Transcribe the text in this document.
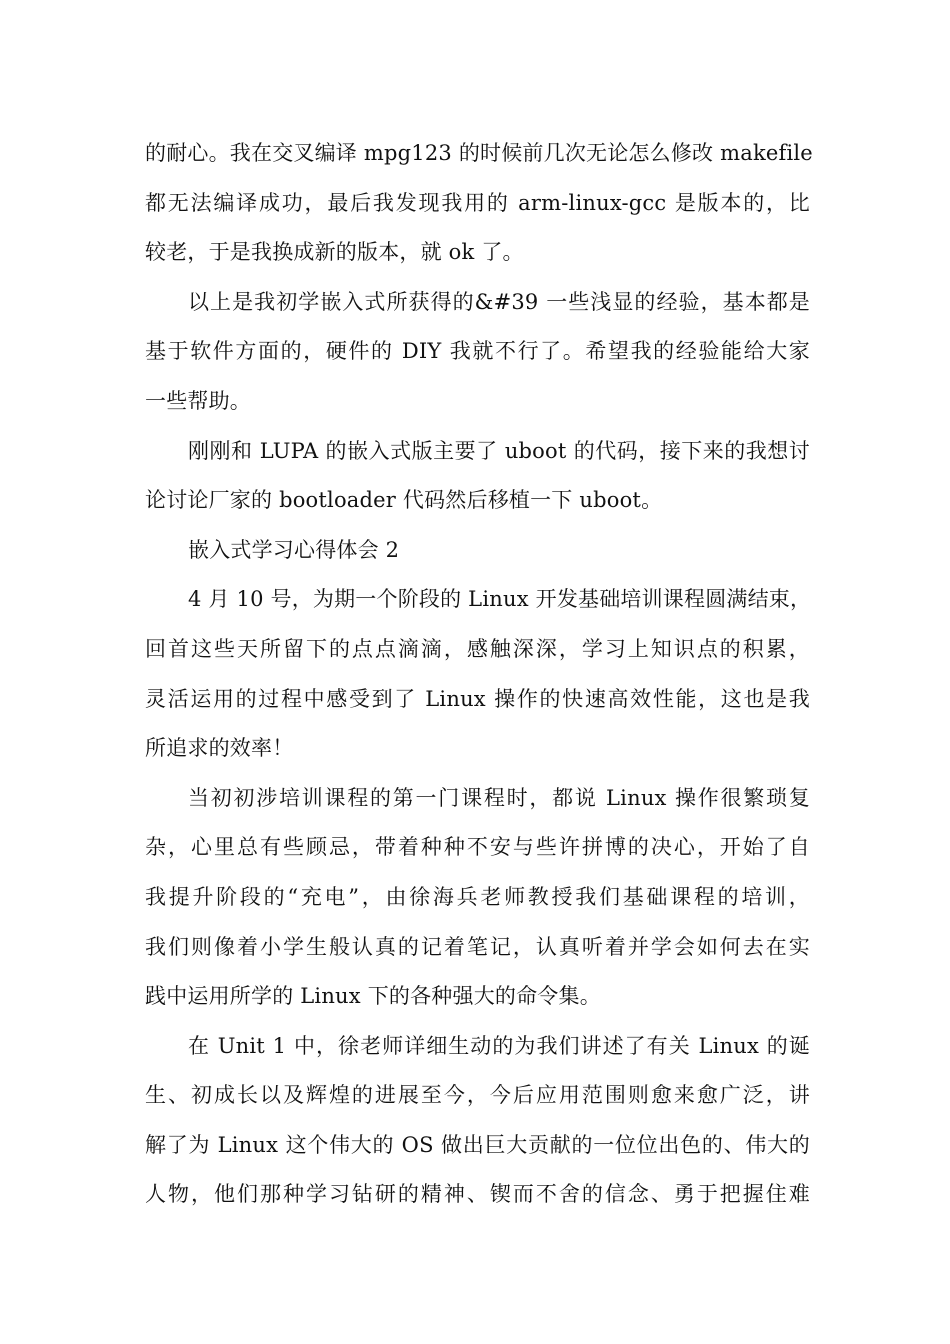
的耐心。我在交叉编译 mpg123 的时候前几次无论怎么修改 makefile
都无法编译成功，最后我发现我用的 arm-linux-gcc 是版本的，比
较老，于是我换成新的版本，就 ok 了。
以上是我初学嵌入式所获得的&#39 一些浅显的经验，基本都是
基于软件方面的，硬件的 DIY 我就不行了。希望我的经验能给大家
一些帮助。
刚刚和 LUPA 的嵌入式版主要了 uboot 的代码，接下来的我想讨
论讨论厂家的 bootloader 代码然后移植一下 uboot。
嵌入式学习心得体会 2
4 月 10 号，为期一个阶段的 Linux 开发基础培训课程圆满结束，
回首这些天所留下的点点滴滴，感触深深，学习上知识点的积累，
灵活运用的过程中感受到了 Linux 操作的快速高效性能，这也是我
所追求的效率！
当初初涉培训课程的第一门课程时，都说 Linux 操作很繁琐复
杂，心里总有些顾忌，带着种种不安与些许拼博的决心，开始了自
我提升阶段的“充电”，由徐海兵老师教授我们基础课程的培训，
我们则像着小学生般认真的记着笔记，认真听着并学会如何去在实
践中运用所学的 Linux 下的各种强大的命令集。
在 Unit 1 中，徐老师详细生动的为我们讲述了有关 Linux 的诞
生、初成长以及辉煌的进展至今，今后应用范围则愈来愈广泛，讲
解了为 Linux 这个伟大的 OS 做出巨大贡献的一位位出色的、伟大的
人物，他们那种学习钻研的精神、锲而不舍的信念、勇于把握住难
